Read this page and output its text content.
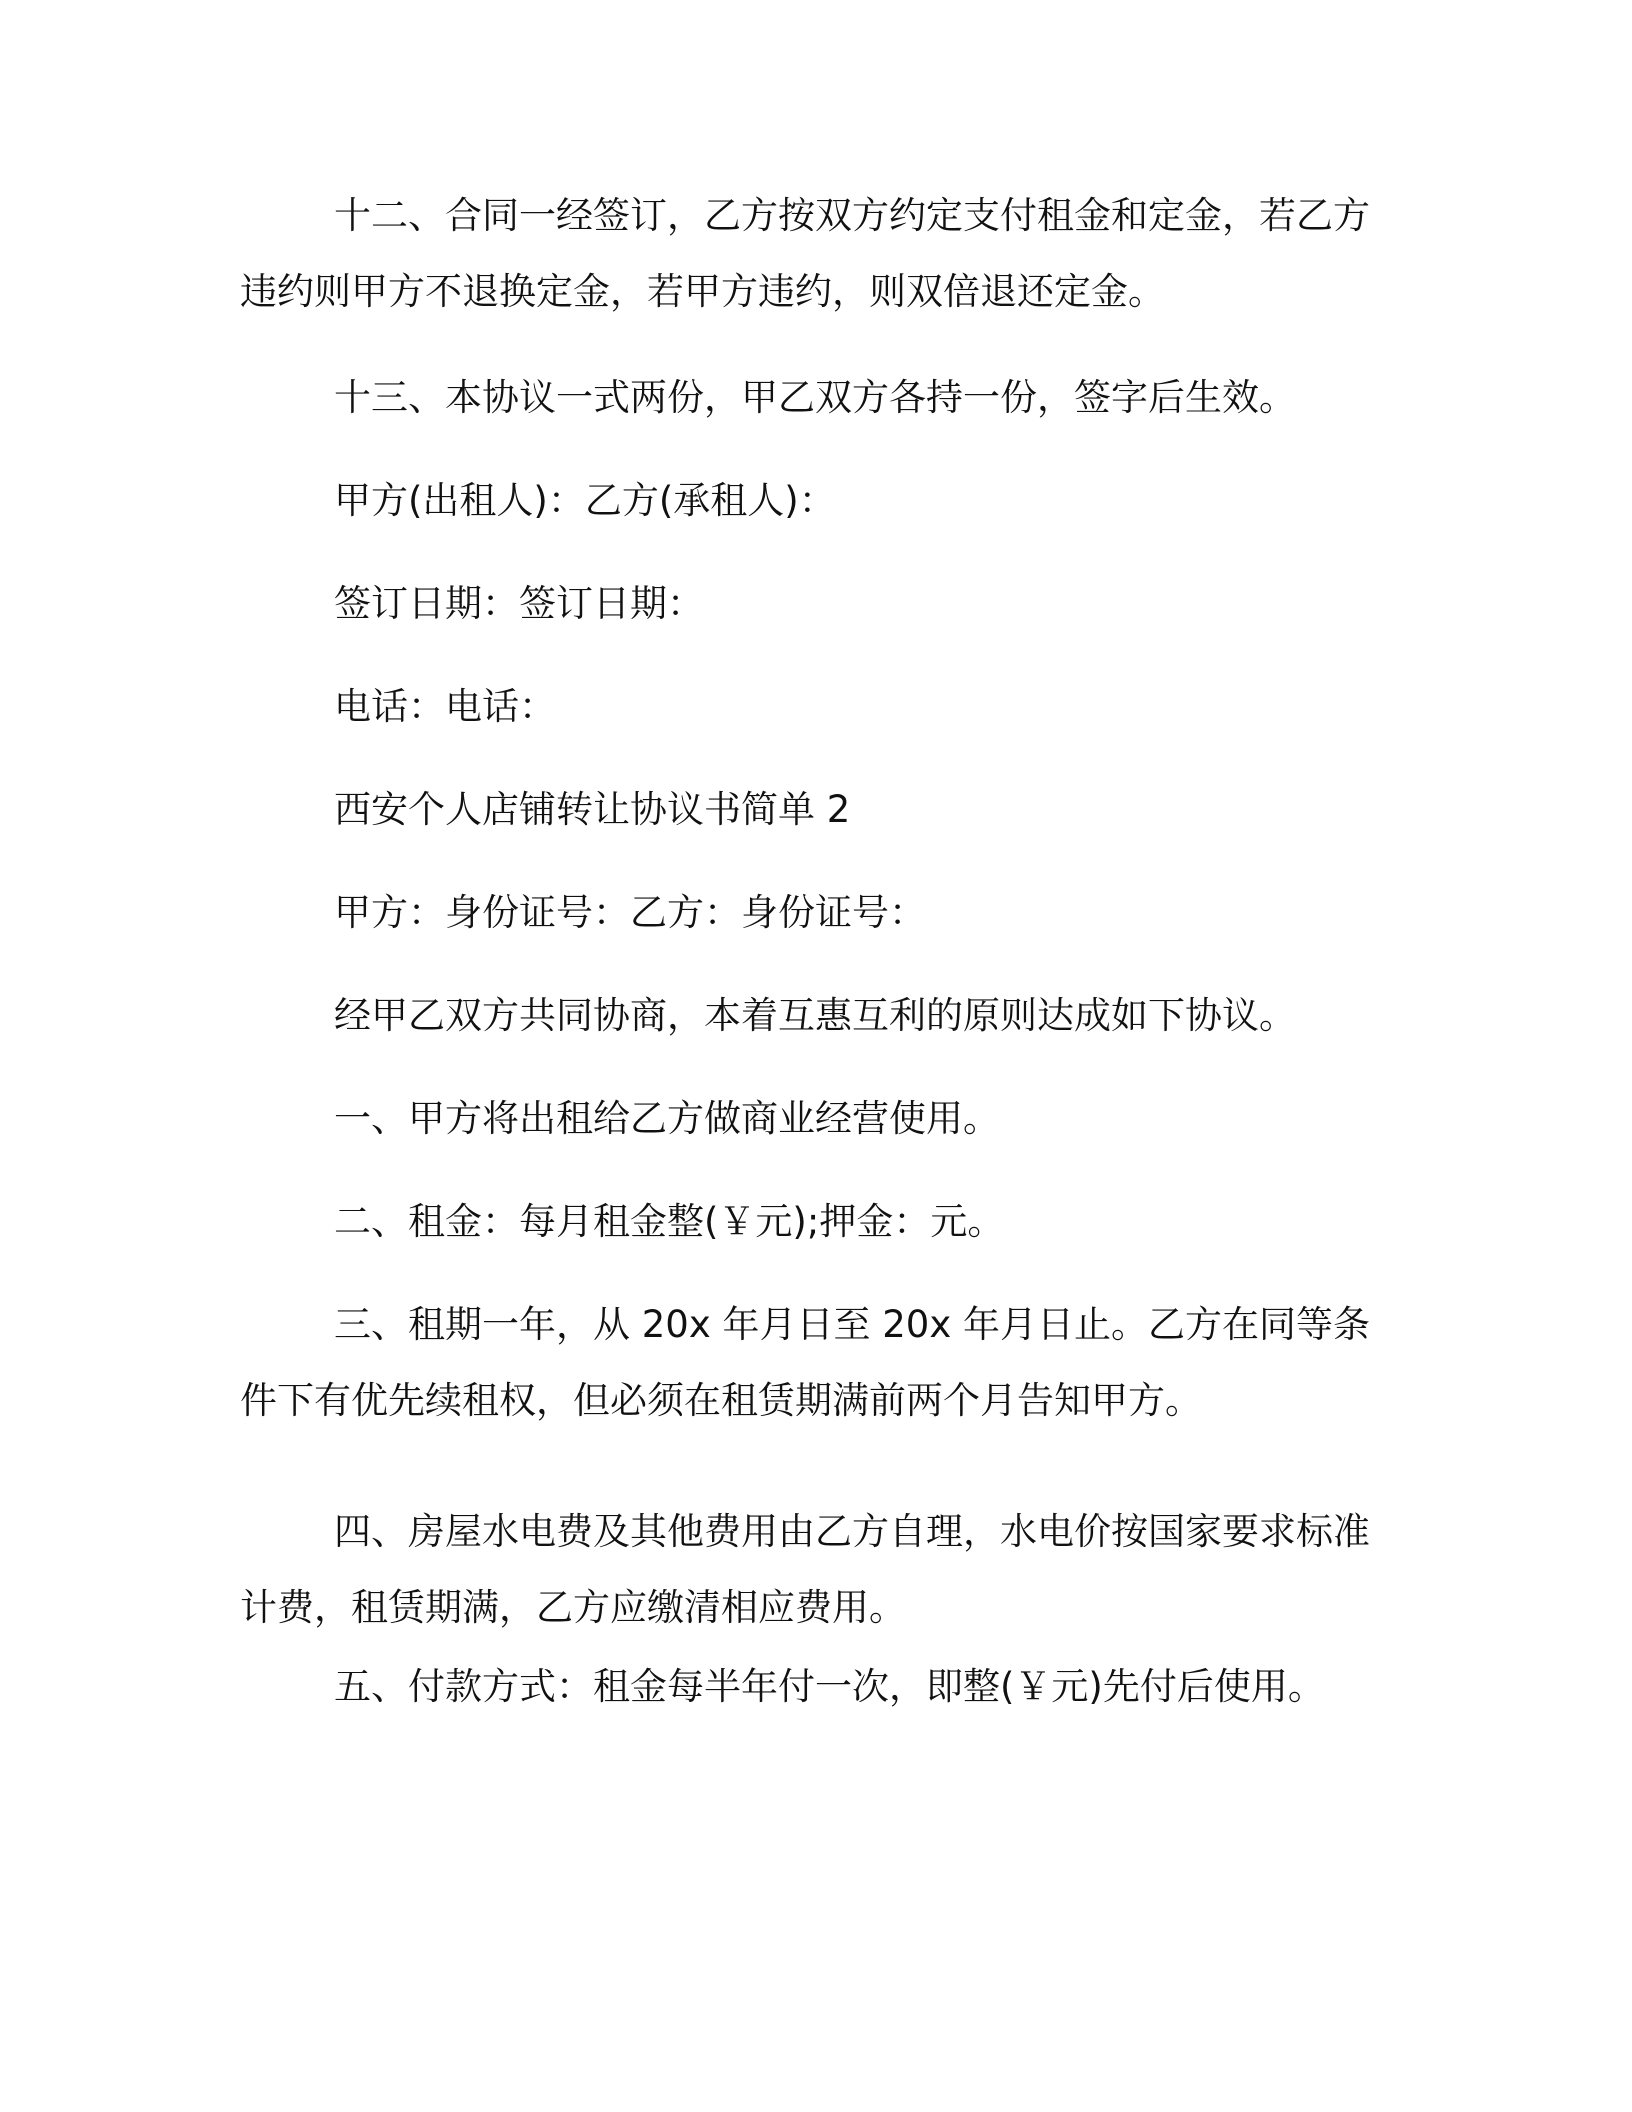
十二、合同一经签订，乙方按双方约定支付租金和定金，若乙方
违约则甲方不退换定金，若甲方违约，则双倍退还定金。

十三、本协议一式两份，甲乙双方各持一份，签字后生效。

甲方(出租人)：乙方(承租人)：

签订日期：签订日期：

电话：电话：

西安个人店铺转让协议书简单 2

甲方：身份证号：乙方：身份证号：

经甲乙双方共同协商，本着互惠互利的原则达成如下协议。

一、甲方将出租给乙方做商业经营使用。

二、租金：每月租金整(￥元);押金：元。

三、租期一年，从 20x 年月日至 20x 年月日止。乙方在同等条
件下有优先续租权，但必须在租赁期满前两个月告知甲方。

四、房屋水电费及其他费用由乙方自理，水电价按国家要求标准
计费，租赁期满，乙方应缴清相应费用。

五、付款方式：租金每半年付一次，即整(￥元)先付后使用。
